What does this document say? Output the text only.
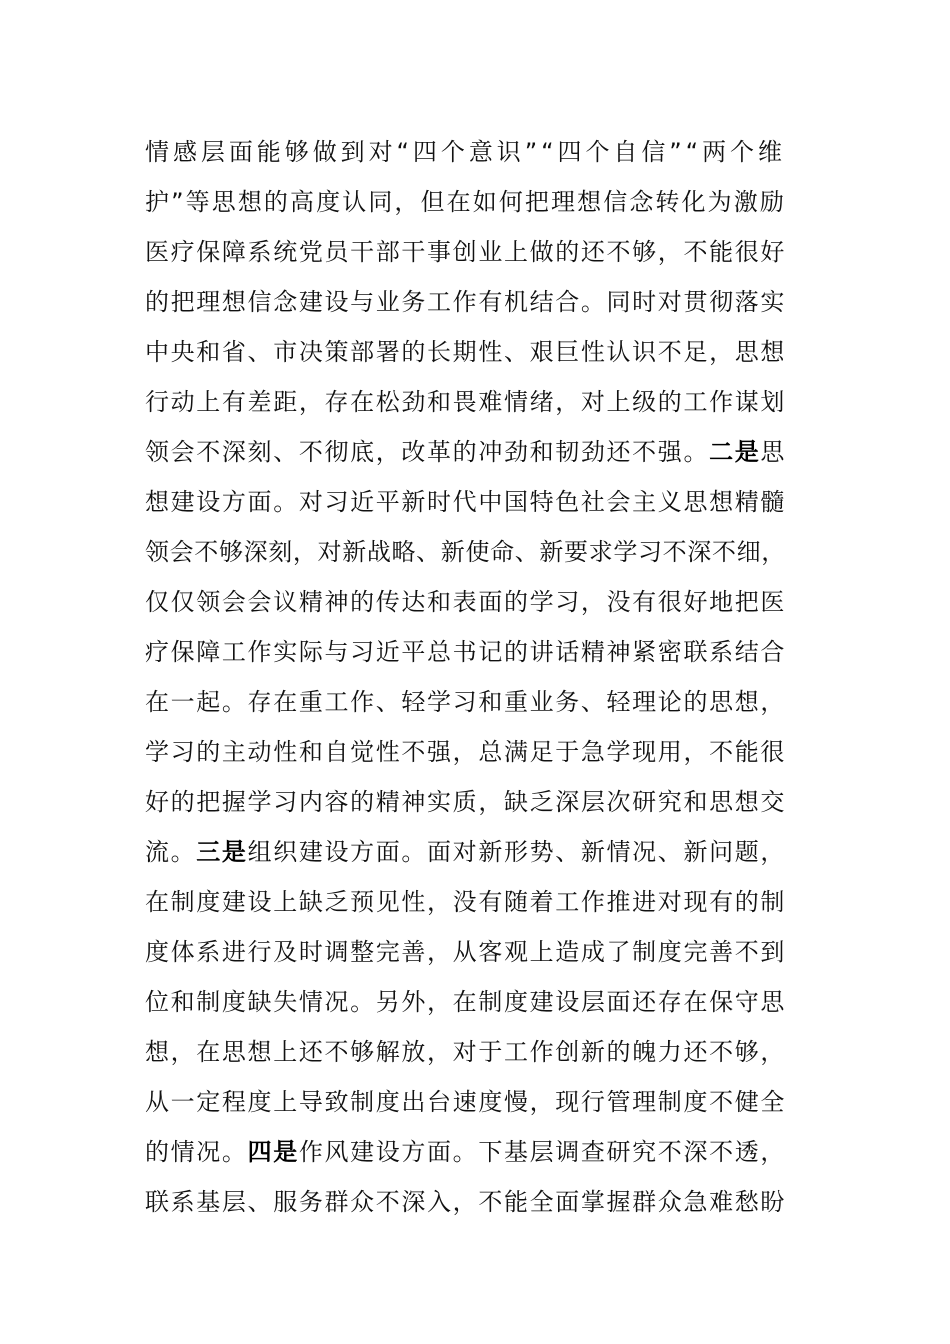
情感层面能够做到对“四个意识”“四个自信”“两个维
护”等思想的高度认同，但在如何把理想信念转化为激励
医疗保障系统党员干部干事创业上做的还不够，不能很好
的把理想信念建设与业务工作有机结合。同时对贯彻落实
中央和省、市决策部署的长期性、艰巨性认识不足，思想
行动上有差距，存在松劲和畏难情绪，对上级的工作谋划
领会不深刻、不彻底，改革的冲劲和韧劲还不强。二是思
想建设方面。对习近平新时代中国特色社会主义思想精髓
领会不够深刻，对新战略、新使命、新要求学习不深不细，
仅仅领会会议精神的传达和表面的学习，没有很好地把医
疗保障工作实际与习近平总书记的讲话精神紧密联系结合
在一起。存在重工作、轻学习和重业务、轻理论的思想，
学习的主动性和自觉性不强，总满足于急学现用，不能很
好的把握学习内容的精神实质，缺乏深层次研究和思想交
流。三是组织建设方面。面对新形势、新情况、新问题，
在制度建设上缺乏预见性，没有随着工作推进对现有的制
度体系进行及时调整完善，从客观上造成了制度完善不到
位和制度缺失情况。另外，在制度建设层面还存在保守思
想，在思想上还不够解放，对于工作创新的魄力还不够，
从一定程度上导致制度出台速度慢，现行管理制度不健全
的情况。四是作风建设方面。下基层调查研究不深不透，
联系基层、服务群众不深入，不能全面掌握群众急难愁盼
